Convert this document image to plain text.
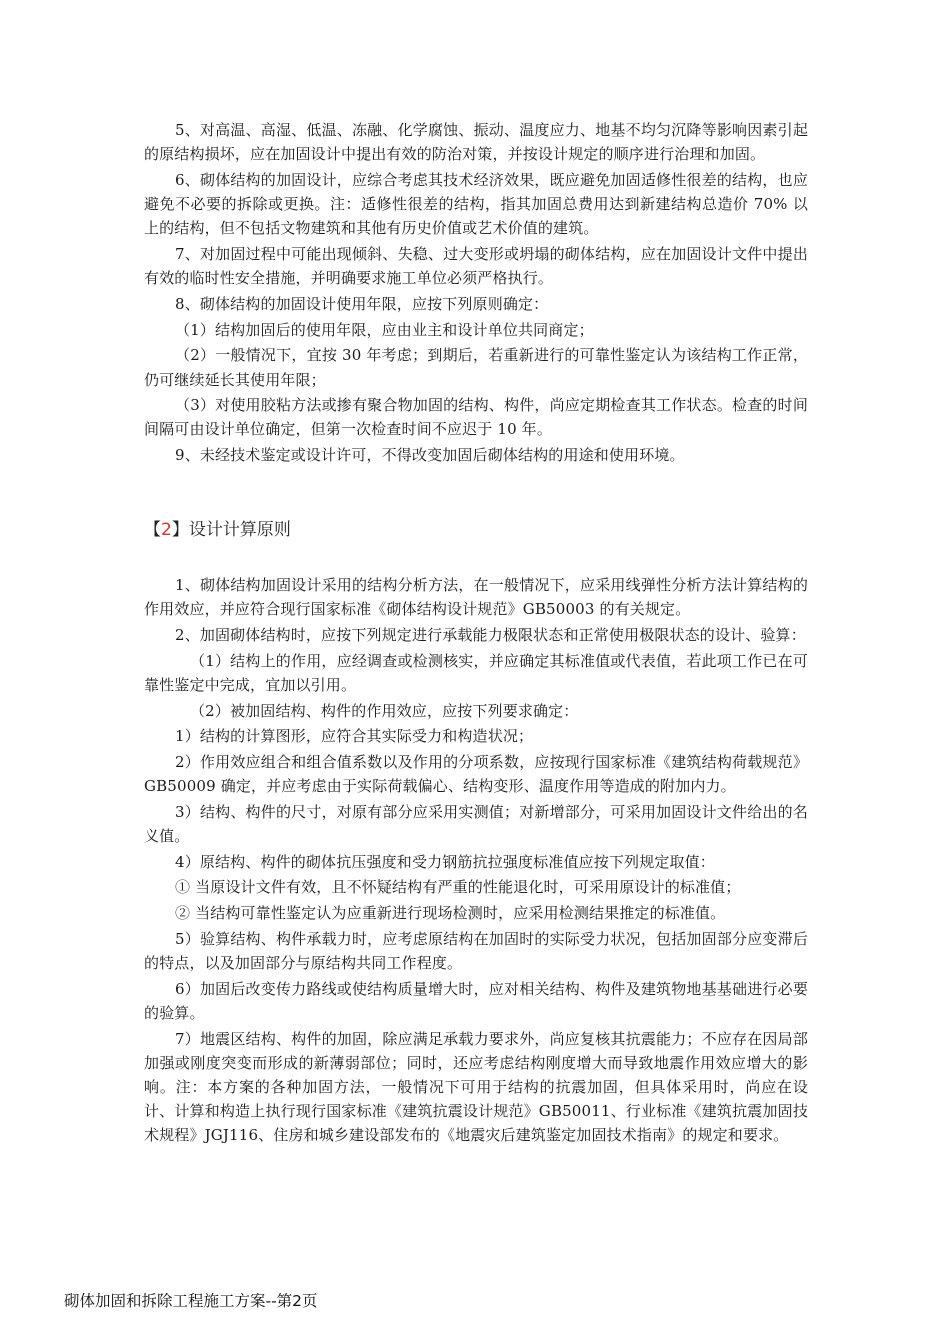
5、对高温、高湿、低温、冻融、化学腐蚀、振动、温度应力、地基不均匀沉降等影响因素引起的原结构损坏，应在加固设计中提出有效的防治对策，并按设计规定的顺序进行治理和加固。

6、砌体结构的加固设计，应综合考虑其技术经济效果，既应避免加固适修性很差的结构，也应避免不必要的拆除或更换。注：适修性很差的结构，指其加固总费用达到新建结构总造价 70% 以上的结构，但不包括文物建筑和其他有历史价值或艺术价值的建筑。

7、对加固过程中可能出现倾斜、失稳、过大变形或坍塌的砌体结构，应在加固设计文件中提出有效的临时性安全措施，并明确要求施工单位必须严格执行。

8、砌体结构的加固设计使用年限，应按下列原则确定：

（1）结构加固后的使用年限，应由业主和设计单位共同商定；

（2）一般情况下，宜按 30 年考虑；到期后，若重新进行的可靠性鉴定认为该结构工作正常，仍可继续延长其使用年限；

（3）对使用胶粘方法或掺有聚合物加固的结构、构件，尚应定期检查其工作状态。检查的时间间隔可由设计单位确定，但第一次检查时间不应迟于 10 年。

9、未经技术鉴定或设计许可，不得改变加固后砌体结构的用途和使用环境。

【2】设计计算原则

1、砌体结构加固设计采用的结构分析方法，在一般情况下，应采用线弹性分析方法计算结构的作用效应，并应符合现行国家标准《砌体结构设计规范》GB50003 的有关规定。

2、加固砌体结构时，应按下列规定进行承载能力极限状态和正常使用极限状态的设计、验算：

（1）结构上的作用，应经调查或检测核实，并应确定其标准值或代表值，若此项工作已在可靠性鉴定中完成，宜加以引用。

（2）被加固结构、构件的作用效应，应按下列要求确定：

1）结构的计算图形，应符合其实际受力和构造状况；

2）作用效应组合和组合值系数以及作用的分项系数，应按现行国家标准《建筑结构荷载规范》GB50009 确定，并应考虑由于实际荷载偏心、结构变形、温度作用等造成的附加内力。

3）结构、构件的尺寸，对原有部分应采用实测值；对新增部分，可采用加固设计文件给出的名义值。

4）原结构、构件的砌体抗压强度和受力钢筋抗拉强度标准值应按下列规定取值：

① 当原设计文件有效，且不怀疑结构有严重的性能退化时，可采用原设计的标准值；

② 当结构可靠性鉴定认为应重新进行现场检测时，应采用检测结果推定的标准值。

5）验算结构、构件承载力时，应考虑原结构在加固时的实际受力状况，包括加固部分应变滞后的特点，以及加固部分与原结构共同工作程度。

6）加固后改变传力路线或使结构质量增大时，应对相关结构、构件及建筑物地基基础进行必要的验算。

7）地震区结构、构件的加固，除应满足承载力要求外，尚应复核其抗震能力；不应存在因局部加强或刚度突变而形成的新薄弱部位；同时，还应考虑结构刚度增大而导致地震作用效应增大的影响。注：本方案的各种加固方法，一般情况下可用于结构的抗震加固，但具体采用时，尚应在设计、计算和构造上执行现行国家标准《建筑抗震设计规范》GB50011、行业标准《建筑抗震加固技术规程》JGJ116、住房和城乡建设部发布的《地震灾后建筑鉴定加固技术指南》的规定和要求。

砌体加固和拆除工程施工方案--第2页
